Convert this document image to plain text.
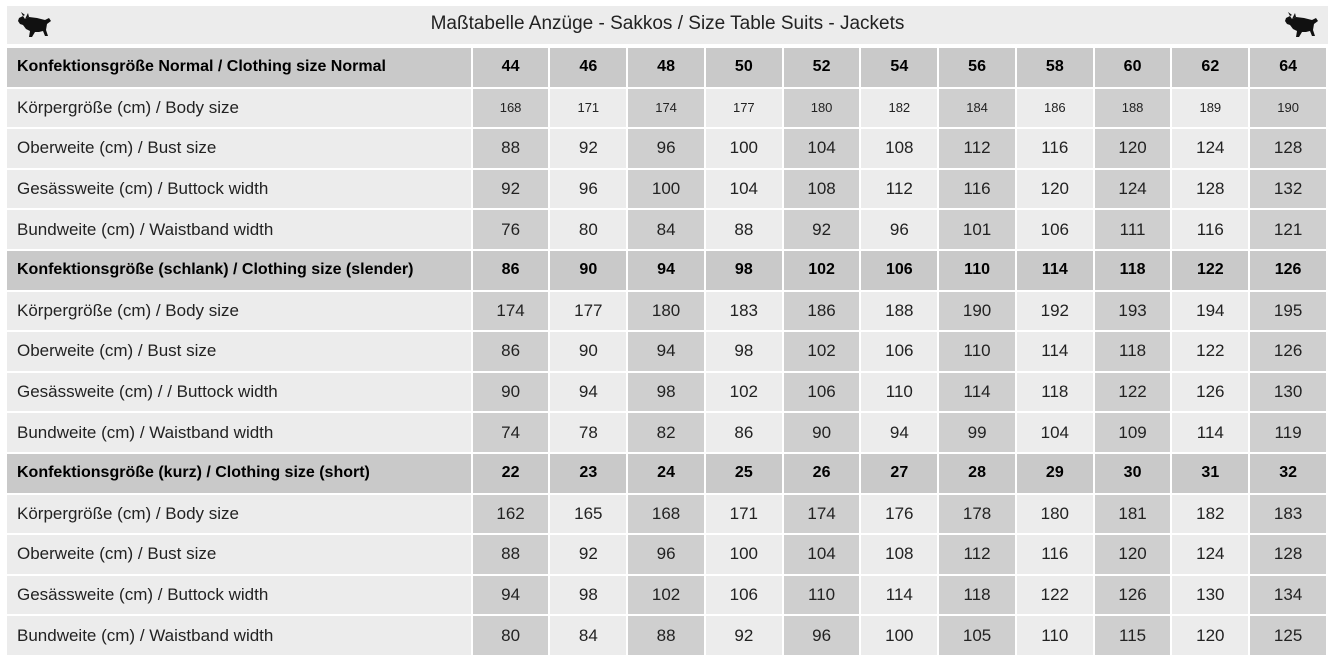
Maßtabelle Anzüge - Sakkos / Size Table Suits - Jackets
Konfektionsgröße Normal / Clothing size Normal	44	46	48	50	52	54	56	58	60	62	64
Körpergröße (cm) / Body size	168	171	174	177	180	182	184	186	188	189	190
Oberweite (cm) / Bust size	88	92	96	100	104	108	112	116	120	124	128
Gesässweite (cm) / Buttock width	92	96	100	104	108	112	116	120	124	128	132
Bundweite (cm) / Waistband width	76	80	84	88	92	96	101	106	111	116	121
Konfektionsgröße (schlank) / Clothing size (slender)	86	90	94	98	102	106	110	114	118	122	126
Körpergröße (cm) / Body size	174	177	180	183	186	188	190	192	193	194	195
Oberweite (cm) / Bust size	86	90	94	98	102	106	110	114	118	122	126
Gesässweite (cm) / / Buttock width	90	94	98	102	106	110	114	118	122	126	130
Bundweite (cm) / Waistband width	74	78	82	86	90	94	99	104	109	114	119
Konfektionsgröße (kurz) / Clothing size (short)	22	23	24	25	26	27	28	29	30	31	32
Körpergröße (cm) / Body size	162	165	168	171	174	176	178	180	181	182	183
Oberweite (cm) / Bust size	88	92	96	100	104	108	112	116	120	124	128
Gesässweite (cm) / Buttock width	94	98	102	106	110	114	118	122	126	130	134
Bundweite (cm) / Waistband width	80	84	88	92	96	100	105	110	115	120	125
